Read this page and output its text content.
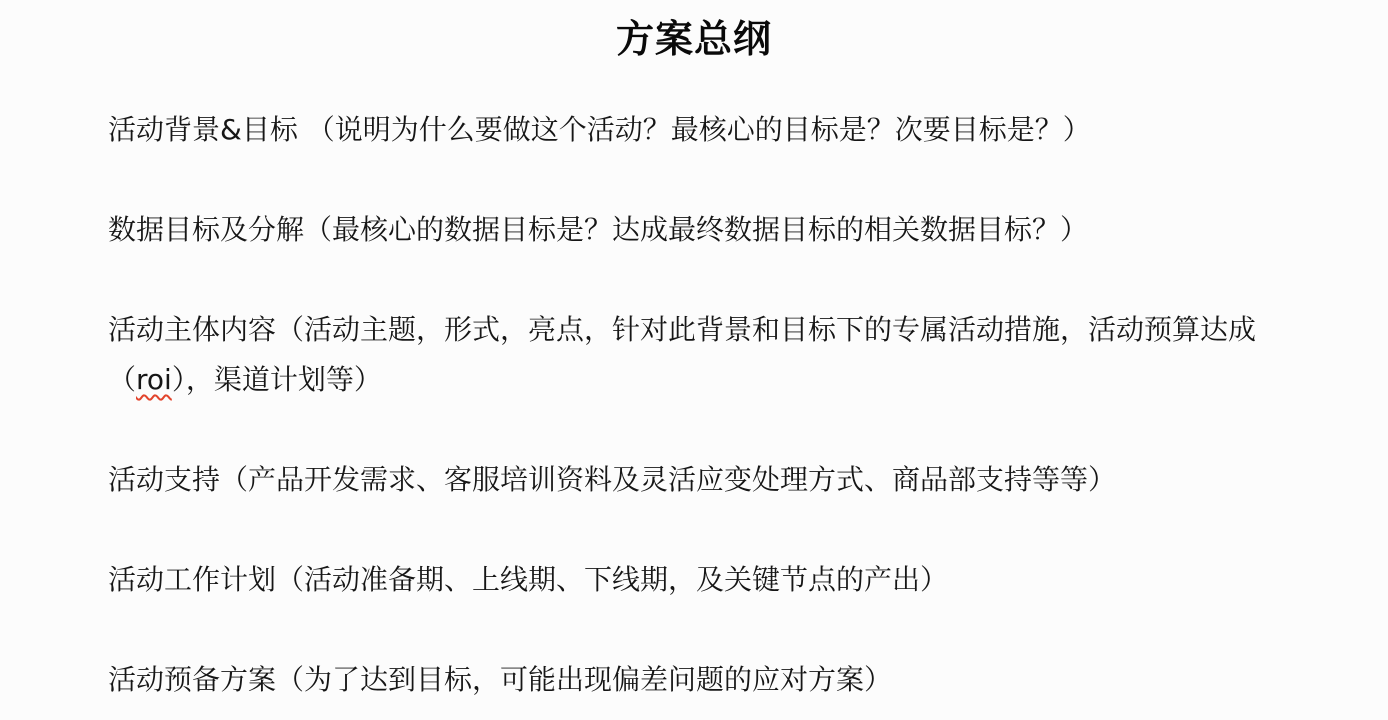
方案总纲
活动背景&目标 （说明为什么要做这个活动？最核心的目标是？次要目标是？）
数据目标及分解（最核心的数据目标是？达成最终数据目标的相关数据目标？）
活动主体内容（活动主题，形式，亮点，针对此背景和目标下的专属活动措施，活动预算达成（roi），渠道计划等）
活动支持（产品开发需求、客服培训资料及灵活应变处理方式、商品部支持等等）
活动工作计划（活动准备期、上线期、下线期，及关键节点的产出）
活动预备方案（为了达到目标，可能出现偏差问题的应对方案）
